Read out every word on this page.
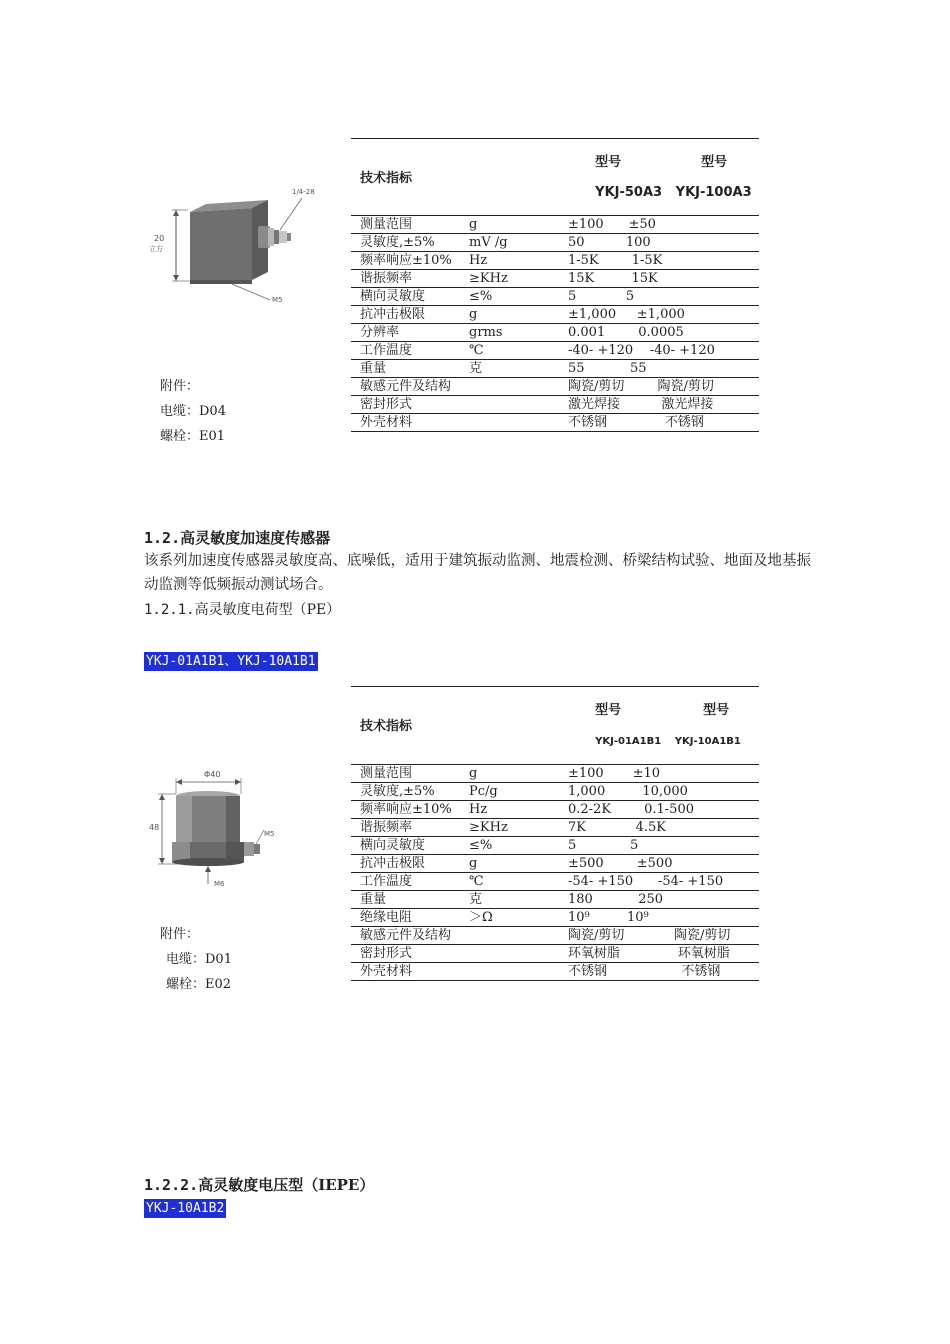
20
立方
1/4-28
M5
技术指标		型号 型号

YKJ-50A3 YKJ-100A3

测量范围	g	±100      ±50
灵敏度,±5%	mV /g	50          100
频率响应±10%	Hz	1-5K        1-5K
谐振频率	≥KHz	15K         15K
横向灵敏度	≤%	5            5
抗冲击极限	g	±1,000     ±1,000
分辨率	grms	0.001        0.0005
工作温度	℃	-40- +120    -40- +120
重量	克	55           55
敏感元件及结构		陶瓷/剪切        陶瓷/剪切
密封形式		激光焊接          激光焊接
外壳材料		不锈钢              不锈钢
附件：
电缆：D04
螺栓：E01
1.2.高灵敏度加速度传感器
该系列加速度传感器灵敏度高、底噪低，适用于建筑振动监测、地震检测、桥梁结构试验、地面及地基振动监测等低频振动测试场合。
1.2.1.高灵敏度电荷型（PE）
YKJ-01A1B1、YKJ-10A1B1
Φ40
48
M5
M6
技术指标		型号 型号

YKJ-01A1B1 YKJ-10A1B1

测量范围	g	±100       ±10
灵敏度,±5%	Pc/g	1,000         10,000
频率响应±10%	Hz	0.2-2K        0.1-500
谐振频率	≥KHz	7K            4.5K
横向灵敏度	≤%	5             5
抗冲击极限	g	±500        ±500
工作温度	℃	-54- +150      -54- +150
重量	克	180           250
绝缘电阻	＞Ω	10⁹         10⁹
敏感元件及结构		陶瓷/剪切            陶瓷/剪切
密封形式		环氧树脂              环氧树脂
外壳材料		不锈钢                  不锈钢
附件：
电缆：D01
螺栓：E02
1.2.2.高灵敏度电压型（IEPE）
YKJ-10A1B2
